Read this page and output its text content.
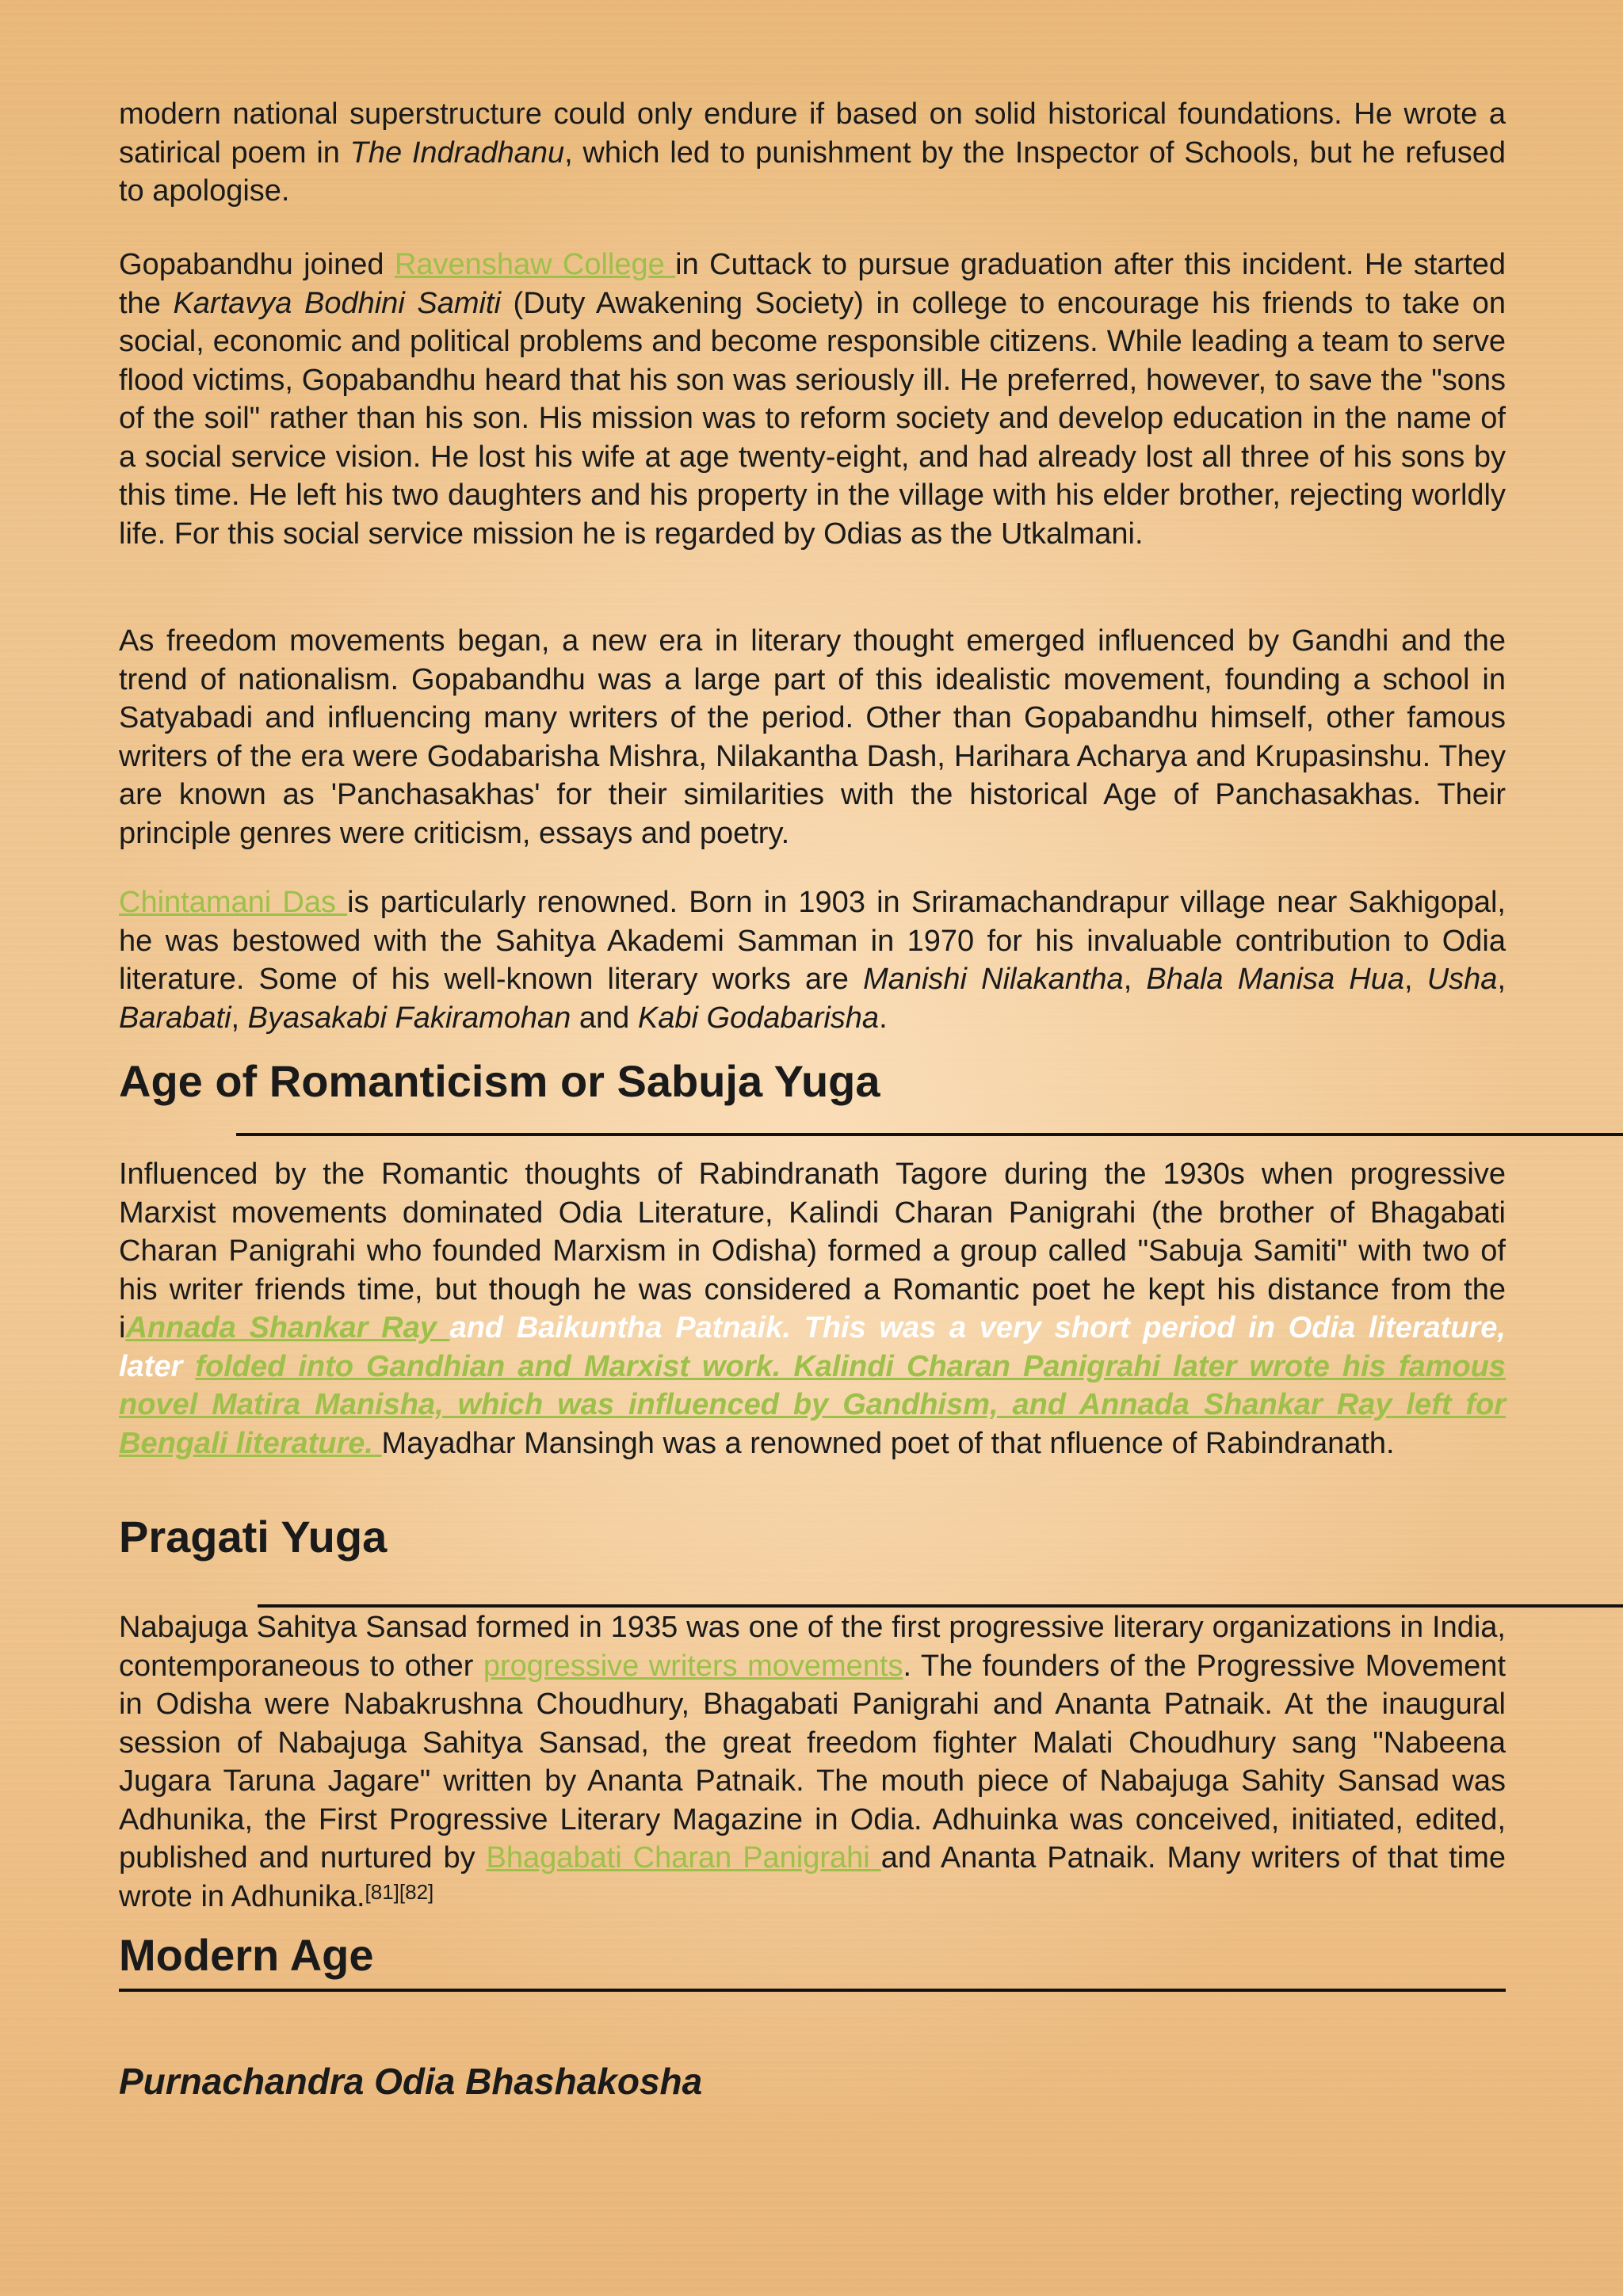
modern national superstructure could only endure if based on solid historical foundations. He wrote a satirical poem in The Indradhanu, which led to punishment by the Inspector of Schools, but he refused to apologise.

Gopabandhu joined Ravenshaw College in Cuttack to pursue graduation after this incident. He started the Kartavya Bodhini Samiti (Duty Awakening Society) in college to encourage his friends to take on social, economic and political problems and become responsible citizens. While leading a team to serve flood victims, Gopabandhu heard that his son was seriously ill. He preferred, however, to save the "sons of the soil" rather than his son. His mission was to reform society and develop education in the name of a social service vision. He lost his wife at age twenty-eight, and had already lost all three of his sons by this time. He left his two daughters and his property in the village with his elder brother, rejecting worldly life. For this social service mission he is regarded by Odias as the Utkalmani.

As freedom movements began, a new era in literary thought emerged influenced by Gandhi and the trend of nationalism. Gopabandhu was a large part of this idealistic movement, founding a school in Satyabadi and influencing many writers of the period. Other than Gopabandhu himself, other famous writers of the era were Godabarisha Mishra, Nilakantha Dash, Harihara Acharya and Krupasinshu. They are known as 'Panchasakhas' for their similarities with the historical Age of Panchasakhas. Their principle genres were criticism, essays and poetry.

Chintamani Das is particularly renowned. Born in 1903 in Sriramachandrapur village near Sakhigopal, he was bestowed with the Sahitya Akademi Samman in 1970 for his invaluable contribution to Odia literature. Some of his well-known literary works are Manishi Nilakantha, Bhala Manisa Hua, Usha, Barabati, Byasakabi Fakiramohan and Kabi Godabarisha.

Age of Romanticism or Sabuja Yuga

Influenced by the Romantic thoughts of Rabindranath Tagore during the 1930s when progressive Marxist movements dominated Odia Literature, Kalindi Charan Panigrahi (the brother of Bhagabati Charan Panigrahi who founded Marxism in Odisha) formed a group called "Sabuja Samiti" with two of his writer friends time, but though he was considered a Romantic poet he kept his distance from the iAnnada Shankar Ray and Baikuntha Patnaik. This was a very short period in Odia literature, later folded into Gandhian and Marxist work. Kalindi Charan Panigrahi later wrote his famous novel Matira Manisha, which was influenced by Gandhism, and Annada Shankar Ray left for Bengali literature. Mayadhar Mansingh was a renowned poet of that nfluence of Rabindranath.

Pragati Yuga

Nabajuga Sahitya Sansad formed in 1935 was one of the first progressive literary organizations in India, contemporaneous to other progressive writers movements. The founders of the Progressive Movement in Odisha were Nabakrushna Choudhury, Bhagabati Panigrahi and Ananta Patnaik. At the inaugural session of Nabajuga Sahitya Sansad, the great freedom fighter Malati Choudhury sang "Nabeena Jugara Taruna Jagare" written by Ananta Patnaik. The mouth piece of Nabajuga Sahity Sansad was Adhunika, the First Progressive Literary Magazine in Odia. Adhuinka was conceived, initiated, edited, published and nurtured by Bhagabati Charan Panigrahi and Ananta Patnaik. Many writers of that time wrote in Adhunika.[81][82]

Modern Age
Purnachandra Odia Bhashakosha
